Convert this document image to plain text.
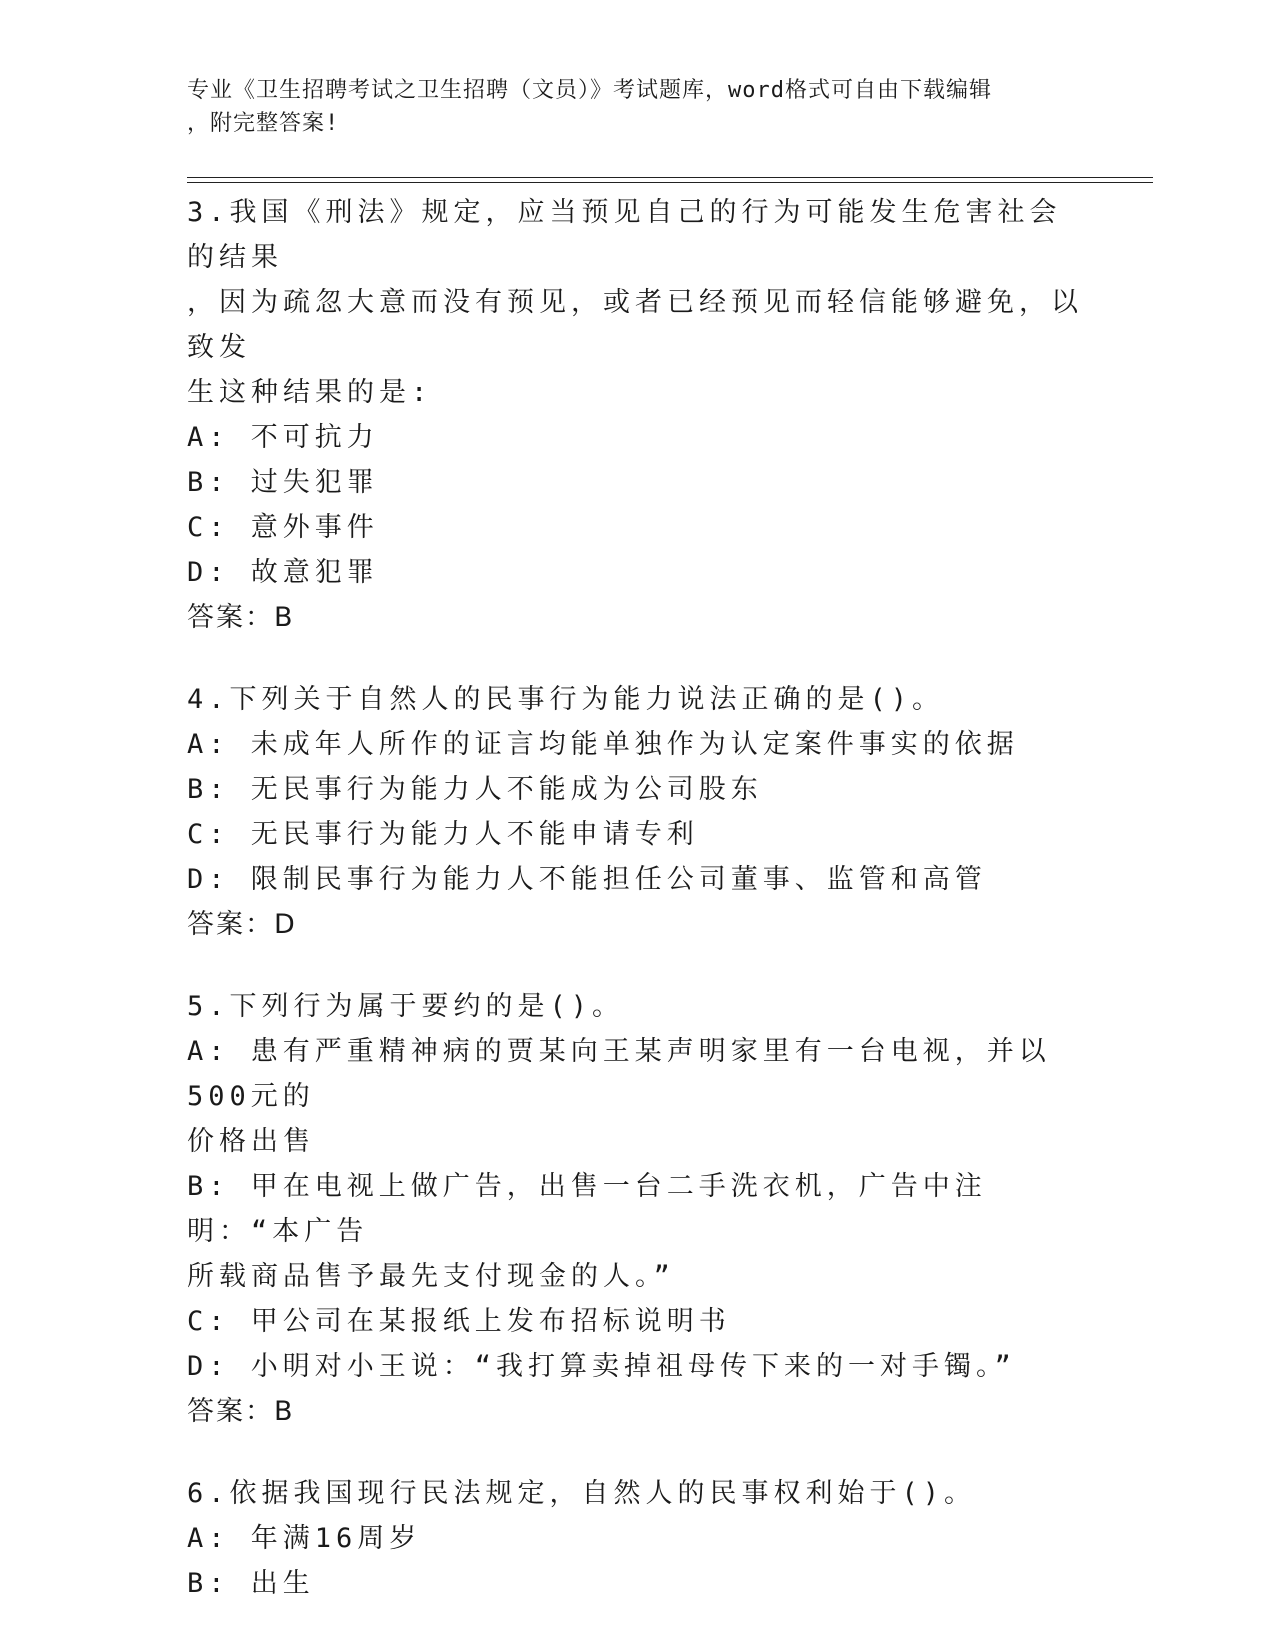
专业《卫生招聘考试之卫生招聘（文员）》考试题库，word格式可自由下载编辑
，附完整答案!
3.我国《刑法》规定，应当预见自己的行为可能发生危害社会的结果
，因为疏忽大意而没有预见，或者已经预见而轻信能够避免，以致发
生这种结果的是:
A: 不可抗力
B: 过失犯罪
C: 意外事件
D: 故意犯罪
答案：B
4.下列关于自然人的民事行为能力说法正确的是()。
A: 未成年人所作的证言均能单独作为认定案件事实的依据
B: 无民事行为能力人不能成为公司股东
C: 无民事行为能力人不能申请专利
D: 限制民事行为能力人不能担任公司董事、监管和高管
答案：D
5.下列行为属于要约的是()。
A: 患有严重精神病的贾某向王某声明家里有一台电视，并以500元的
价格出售
B: 甲在电视上做广告，出售一台二手洗衣机，广告中注明：“本广告
所载商品售予最先支付现金的人。”
C: 甲公司在某报纸上发布招标说明书
D: 小明对小王说：“我打算卖掉祖母传下来的一对手镯。”
答案：B
6.依据我国现行民法规定，自然人的民事权利始于()。
A: 年满16周岁
B: 出生
